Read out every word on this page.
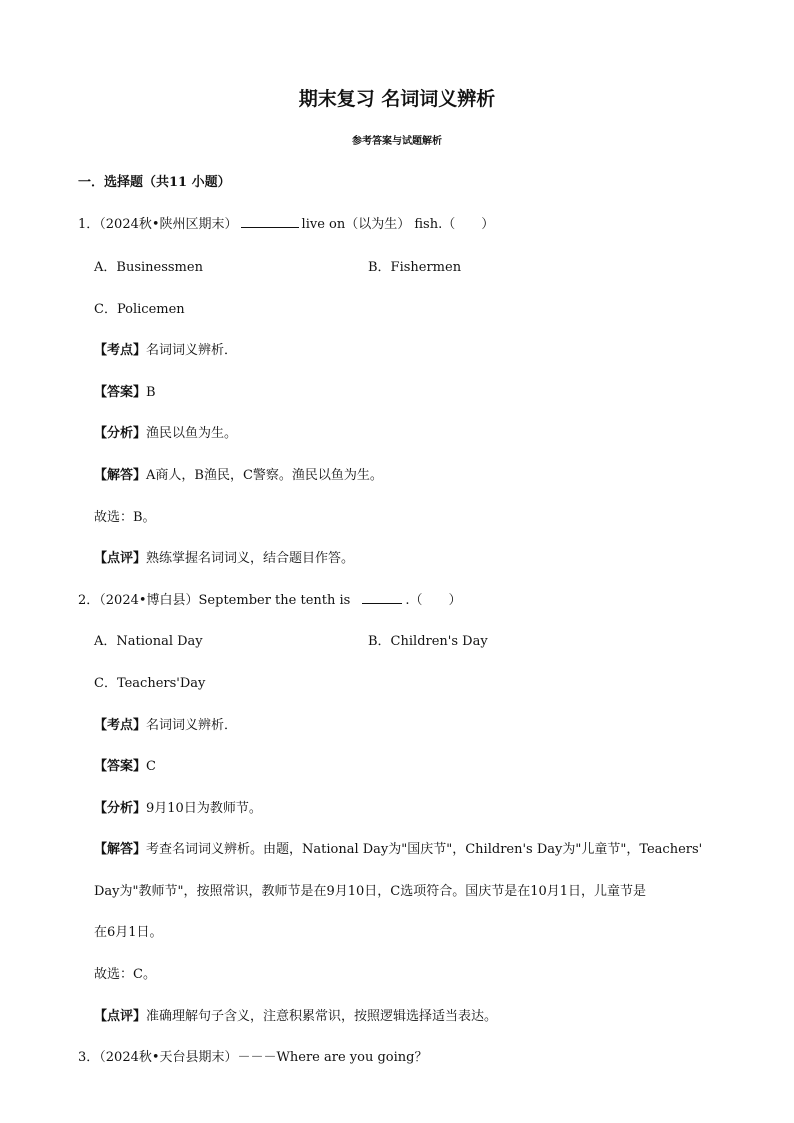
期末复习 名词词义辨析
参考答案与试题解析
一．选择题（共11 小题）
1．（2024秋•陕州区期末）	live on（以为生） fish.（　　）
A．Businessmen	B．Fishermen
C．Policemen
【考点】名词词义辨析．
【答案】B
【分析】渔民以鱼为生。
【解答】A商人，B渔民，C警察。渔民以鱼为生。
故选：B。
【点评】熟练掌握名词词义，结合题目作答。
2．（2024•博白县）September the tenth is	.（　　）
A．National Day	B．Children's Day
C．Teachers'Day
【考点】名词词义辨析．
【答案】C
【分析】9月10日为教师节。
【解答】考查名词词义辨析。由题，National Day为"国庆节"，Children's Day为"儿童节"，Teachers'
Day为"教师节"，按照常识，教师节是在9月10日，C选项符合。国庆节是在10月1日，儿童节是
在6月1日。
故选：C。
【点评】准确理解句子含义，注意积累常识，按照逻辑选择适当表达。
3．（2024秋•天台县期末）－－－Where are you going？
